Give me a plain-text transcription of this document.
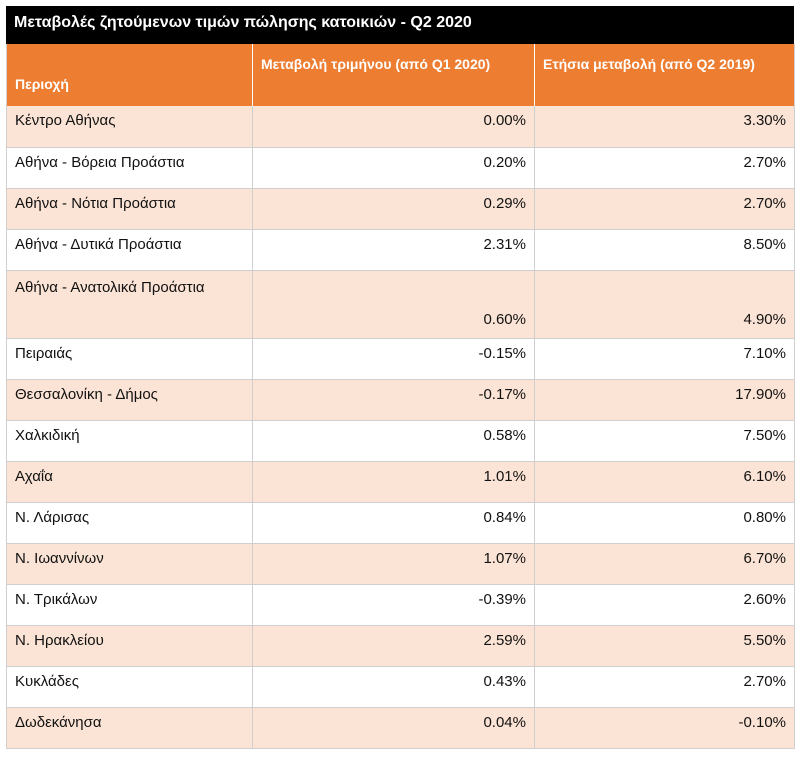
Μεταβολές ζητούμενων τιμών πώλησης κατοικιών - Q2 2020
Περιοχή	Μεταβολή τριμήνου (από Q1 2020)	Ετήσια μεταβολή (από Q2 2019)
Κέντρο Αθήνας	0.00%	3.30%
Αθήνα - Βόρεια Προάστια	0.20%	2.70%
Αθήνα - Νότια Προάστια	0.29%	2.70%
Αθήνα - Δυτικά Προάστια	2.31%	8.50%
Αθήνα - Ανατολικά Προάστια	0.60%	4.90%
Πειραιάς	-0.15%	7.10%
Θεσσαλονίκη - Δήμος	-0.17%	17.90%
Χαλκιδική	0.58%	7.50%
Αχαΐα	1.01%	6.10%
Ν. Λάρισας	0.84%	0.80%
Ν. Ιωαννίνων	1.07%	6.70%
Ν. Τρικάλων	-0.39%	2.60%
Ν. Ηρακλείου	2.59%	5.50%
Κυκλάδες	0.43%	2.70%
Δωδεκάνησα	0.04%	-0.10%
